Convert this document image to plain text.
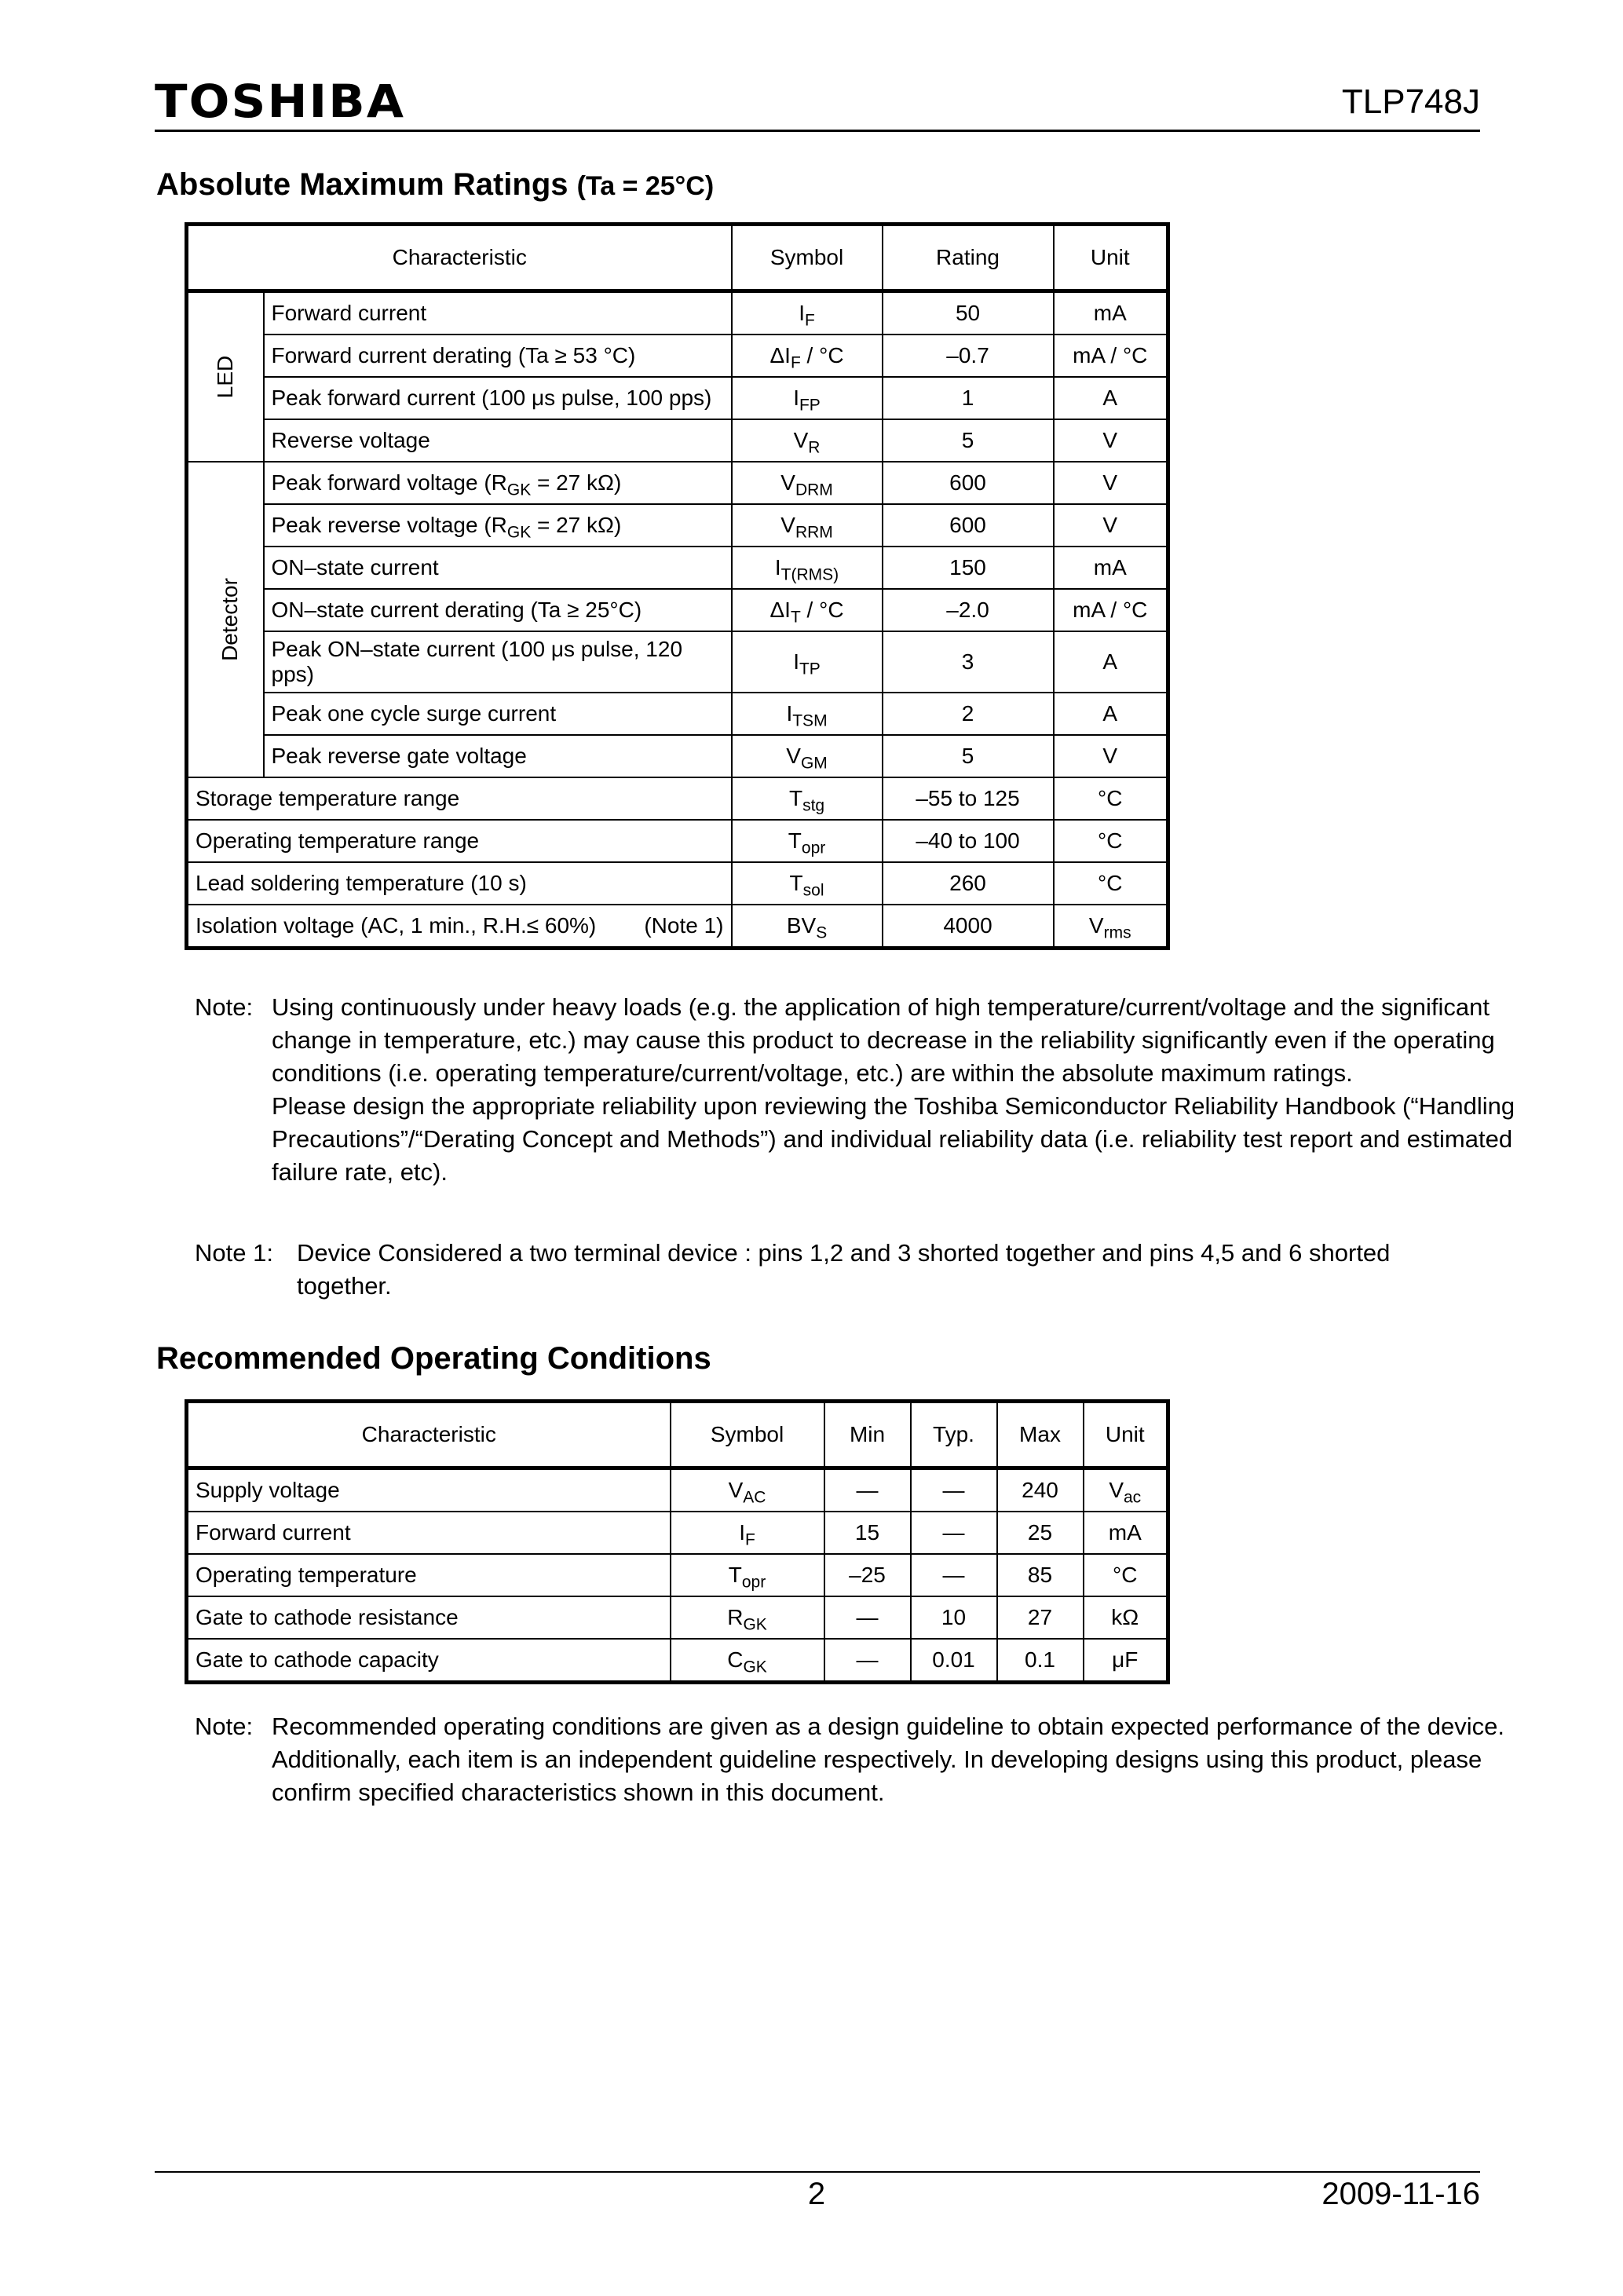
TOSHIBA	TLP748J
Absolute Maximum Ratings (Ta = 25°C)
Characteristic		Symbol	Rating	Unit
LED	Forward current	$I_F$	50	mA
	Forward current derating (Ta ≥ 53 °C)	$\Delta I_F / ^\circ C$	–0.7	mA / °C
	Peak forward current (100 μs pulse, 100 pps)	$I_{FP}$	1	A
	Reverse voltage	$V_R$	5	V
Detector	Peak forward voltage ($R_{GK} = 27$ kΩ)	$V_{DRM}$	600	V
	Peak reverse voltage ($R_{GK} = 27$ kΩ)	$V_{RRM}$	600	V
	ON–state current	$I_{T(RMS)}$	150	mA
	ON–state current derating (Ta ≥ 25°C)	$\Delta I_T / ^\circ C$	–2.0	mA / °C
	Peak ON–state current (100 μs pulse, 120 pps)	$I_{TP}$	3	A
	Peak one cycle surge current	$I_{TSM}$	2	A
	Peak reverse gate voltage	$V_{GM}$	5	V
Storage temperature range		$T_{stg}$	–55 to 125	°C
Operating temperature range		$T_{opr}$	–40 to 100	°C
Lead soldering temperature (10 s)		$T_{sol}$	260	°C
Isolation voltage (AC, 1 min., R.H.≤ 60%) (Note 1)		$BV_S$	4000	$V_{rms}$
Note: Using continuously under heavy loads (e.g. the application of high temperature/current/voltage and the significant change in temperature, etc.) may cause this product to decrease in the reliability significantly even if the operating conditions (i.e. operating temperature/current/voltage, etc.) are within the absolute maximum ratings.

Please design the appropriate reliability upon reviewing the Toshiba Semiconductor Reliability Handbook (“Handling Precautions”/“Derating Concept and Methods”) and individual reliability data (i.e. reliability test report and estimated failure rate, etc).

Note 1: Device Considered a two terminal device : pins 1,2 and 3 shorted together and pins 4,5 and 6 shorted together.

Recommended Operating Conditions
Characteristic	Symbol	Min	Typ.	Max	Unit
Supply voltage	$V_{AC}$	—	—	240	$V_{ac}$
Forward current	$I_F$	15	—	25	mA
Operating temperature	$T_{opr}$	–25	—	85	°C
Gate to cathode resistance	$R_{GK}$	—	10	27	kΩ
Gate to cathode capacity	$C_{GK}$	—	0.01	0.1	μF
Note: Recommended operating conditions are given as a design guideline to obtain expected performance of the device. Additionally, each item is an independent guideline respectively. In developing designs using this product, please confirm specified characteristics shown in this document.

2	2009-11-16
